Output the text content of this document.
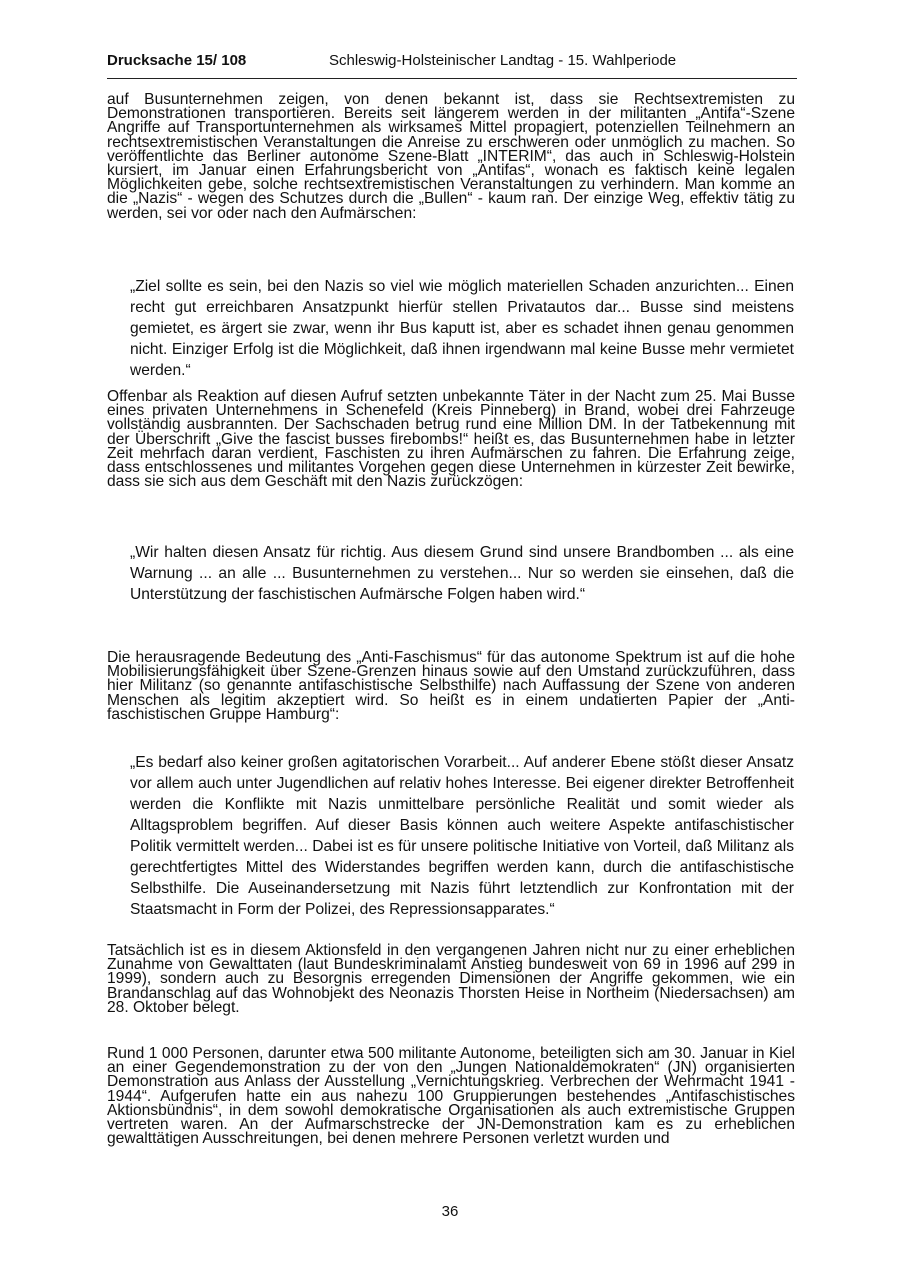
Drucksache 15/ 108	Schleswig-Holsteinischer Landtag - 15. Wahlperiode

auf Busunternehmen zeigen, von denen bekannt ist, dass sie Rechtsextremisten zu Demonstrationen transportieren. Bereits seit längerem werden in der militanten „Antifa“-Szene Angriffe auf Transportunternehmen als wirksames Mittel propagiert, potenziellen Teilnehmern an rechtsextremistischen Veranstaltungen die Anreise zu erschweren oder unmöglich zu machen. So veröffentlichte das Berliner autonome Szene-Blatt „INTERIM“, das auch in Schleswig-Holstein kursiert, im Januar einen Erfahrungsbericht von „Antifas“, wonach es faktisch keine legalen Möglichkeiten gebe, solche rechtsextremistischen Veranstaltungen zu verhindern. Man komme an die „Nazis“ - wegen des Schutzes durch die „Bullen“ - kaum ran. Der einzige Weg, effektiv tätig zu werden, sei vor oder nach den Aufmärschen:

„Ziel sollte es sein, bei den Nazis so viel wie möglich materiellen Schaden anzurichten... Einen recht gut erreichbaren Ansatzpunkt hierfür stellen Privatautos dar... Busse sind meistens gemietet, es ärgert sie zwar, wenn ihr Bus kaputt ist, aber es schadet ihnen genau genommen nicht. Einziger Erfolg ist die Möglichkeit, daß ihnen irgendwann mal keine Busse mehr vermietet werden.“

Offenbar als Reaktion auf diesen Aufruf setzten unbekannte Täter in der Nacht zum 25. Mai Busse eines privaten Unternehmens in Schenefeld (Kreis Pinneberg) in Brand, wobei drei Fahrzeuge vollständig ausbrannten. Der Sachschaden betrug rund eine Million DM. In der Tatbekennung mit der Überschrift „Give the fascist busses firebombs!“ heißt es, das Busunternehmen habe in letzter Zeit mehrfach daran verdient, Faschisten zu ihren Aufmärschen zu fahren. Die Erfahrung zeige, dass entschlossenes und militantes Vorgehen gegen diese Unternehmen in kürzester Zeit bewirke, dass sie sich aus dem Geschäft mit den Nazis zurückzögen:

„Wir halten diesen Ansatz für richtig. Aus diesem Grund sind unsere Brandbomben ... als eine Warnung ... an alle ... Busunternehmen zu verstehen... Nur so werden sie einsehen, daß die Unterstützung der faschistischen Aufmärsche Folgen haben wird.“

Die herausragende Bedeutung des „Anti-Faschismus“ für das autonome Spektrum ist auf die hohe Mobilisierungsfähigkeit über Szene-Grenzen hinaus sowie auf den Umstand zurückzuführen, dass hier Militanz (so genannte antifaschistische Selbsthilfe) nach Auffassung der Szene von anderen Menschen als legitim akzeptiert wird. So heißt es in einem undatierten Papier der „Anti-faschistischen Gruppe Hamburg“:

„Es bedarf also keiner großen agitatorischen Vorarbeit... Auf anderer Ebene stößt dieser Ansatz vor allem auch unter Jugendlichen auf relativ hohes Interesse. Bei eigener direkter Betroffenheit werden die Konflikte mit Nazis unmittelbare persönliche Realität und somit wieder als Alltagsproblem begriffen. Auf dieser Basis können auch weitere Aspekte antifaschistischer Politik vermittelt werden... Dabei ist es für unsere politische Initiative von Vorteil, daß Militanz als gerechtfertigtes Mittel des Widerstandes begriffen werden kann, durch die antifaschistische Selbsthilfe. Die Auseinandersetzung mit Nazis führt letztendlich zur Konfrontation mit der Staatsmacht in Form der Polizei, des Repressionsapparates.“

Tatsächlich ist es in diesem Aktionsfeld in den vergangenen Jahren nicht nur zu einer erheblichen Zunahme von Gewalttaten (laut Bundeskriminalamt Anstieg bundesweit von 69 in 1996 auf 299 in 1999), sondern auch zu Besorgnis erregenden Dimensionen der Angriffe gekommen, wie ein Brandanschlag auf das Wohnobjekt des Neonazis Thorsten Heise in Northeim (Niedersachsen) am 28. Oktober belegt.

Rund 1 000 Personen, darunter etwa 500 militante Autonome, beteiligten sich am 30. Januar in Kiel an einer Gegendemonstration zu der von den „Jungen Nationaldemokraten“ (JN) organisierten Demonstration aus Anlass der Ausstellung „Vernichtungskrieg. Verbrechen der Wehrmacht 1941 - 1944“. Aufgerufen hatte ein aus nahezu 100 Gruppierungen bestehendes „Antifaschistisches Aktionsbündnis“, in dem sowohl demokratische Organisationen als auch extremistische Gruppen vertreten waren. An der Aufmarschstrecke der JN-Demonstration kam es zu erheblichen gewalttätigen Ausschreitungen, bei denen mehrere Personen verletzt wurden und

36
